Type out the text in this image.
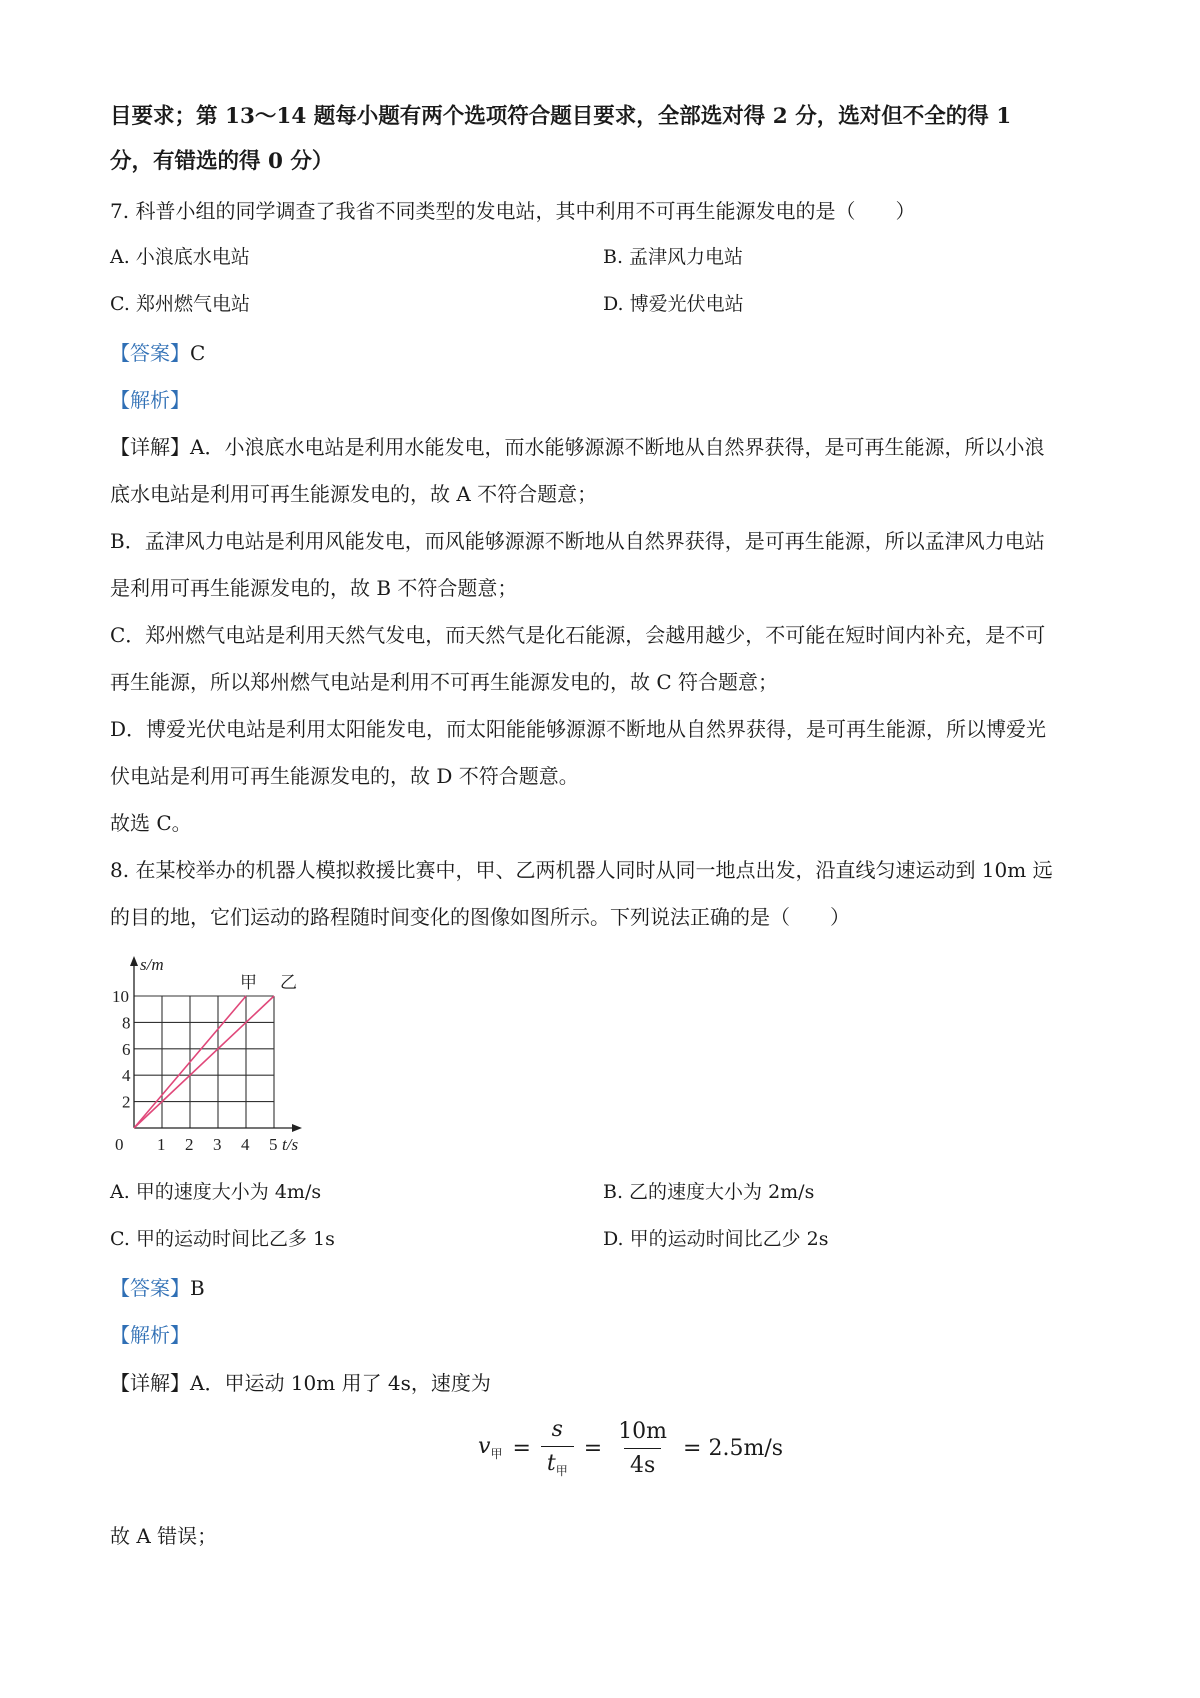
目要求；第 13～14 题每小题有两个选项符合题目要求，全部选对得 2 分，选对但不全的得 1
分，有错选的得 0 分）
7. 科普小组的同学调查了我省不同类型的发电站，其中利用不可再生能源发电的是（　　）
A. 小浪底水电站	B. 孟津风力电站
C. 郑州燃气电站	D. 博爱光伏电站
【答案】C
【解析】
【详解】A．小浪底水电站是利用水能发电，而水能够源源不断地从自然界获得，是可再生能源，所以小浪
底水电站是利用可再生能源发电的，故 A 不符合题意；
B．孟津风力电站是利用风能发电，而风能够源源不断地从自然界获得，是可再生能源，所以孟津风力电站
是利用可再生能源发电的，故 B 不符合题意；
C．郑州燃气电站是利用天然气发电，而天然气是化石能源，会越用越少，不可能在短时间内补充，是不可
再生能源，所以郑州燃气电站是利用不可再生能源发电的，故 C 符合题意；
D．博爱光伏电站是利用太阳能发电，而太阳能能够源源不断地从自然界获得，是可再生能源，所以博爱光
伏电站是利用可再生能源发电的，故 D 不符合题意。
故选 C。
8. 在某校举办的机器人模拟救援比赛中，甲、乙两机器人同时从同一地点出发，沿直线匀速运动到 10m 远
的目的地，它们运动的路程随时间变化的图像如图所示。下列说法正确的是（　　）
甲 乙
1 2 3 4 5
2
4
6
8
10
0
s/m
t/s
A. 甲的速度大小为 4m/s	B. 乙的速度大小为 2m/s
C. 甲的运动时间比乙多 1s	D. 甲的运动时间比乙少 2s
【答案】B
【解析】
【详解】A．甲运动 10m 用了 4s，速度为
$v_甲 = \frac{s}{t_甲} = \frac{10m}{4s} = 2.5m/s$
故 A 错误；
